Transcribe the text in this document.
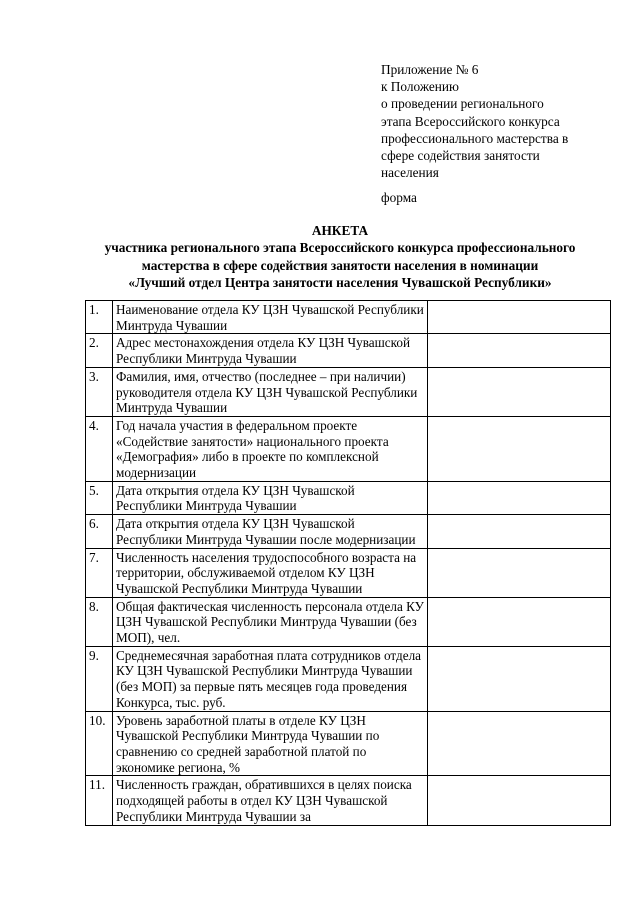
Приложение № 6
к Положению
о проведении регионального
этапа Всероссийского конкурса
профессионального мастерства в
сфере содействия занятости
населения
форма
АНКЕТА
участника регионального этапа Всероссийского конкурса профессионального
мастерства в сфере содействия занятости населения в номинации
«Лучший отдел Центра занятости населения Чувашской Республики»
1.	Наименование отдела КУ ЦЗН Чувашской Республики Минтруда Чувашии	
2.	Адрес местонахождения отдела КУ ЦЗН Чувашской Республики Минтруда Чувашии	
3.	Фамилия, имя, отчество (последнее – при наличии) руководителя отдела КУ ЦЗН Чувашской Республики Минтруда Чувашии	
4.	Год начала участия в федеральном проекте «Содействие занятости» национального проекта «Демография» либо в проекте по комплексной модернизации	
5.	Дата открытия отдела КУ ЦЗН Чувашской Республики Минтруда Чувашии	
6.	Дата открытия отдела КУ ЦЗН Чувашской Республики Минтруда Чувашии после модернизации	
7.	Численность населения трудоспособного возраста на территории, обслуживаемой отделом КУ ЦЗН Чувашской Республики Минтруда Чувашии	
8.	Общая фактическая численность персонала отдела КУ ЦЗН Чувашской Республики Минтруда Чувашии (без МОП), чел.	
9.	Среднемесячная заработная плата сотрудников отдела КУ ЦЗН Чувашской Республики Минтруда Чувашии (без МОП) за первые пять месяцев года проведения Конкурса, тыс. руб.	
10.	Уровень заработной платы в отделе КУ ЦЗН Чувашской Республики Минтруда Чувашии по сравнению со средней заработной платой по экономике региона, %	
11.	Численность граждан, обратившихся в целях поиска подходящей работы в отдел КУ ЦЗН Чувашской Республики Минтруда Чувашии за	
